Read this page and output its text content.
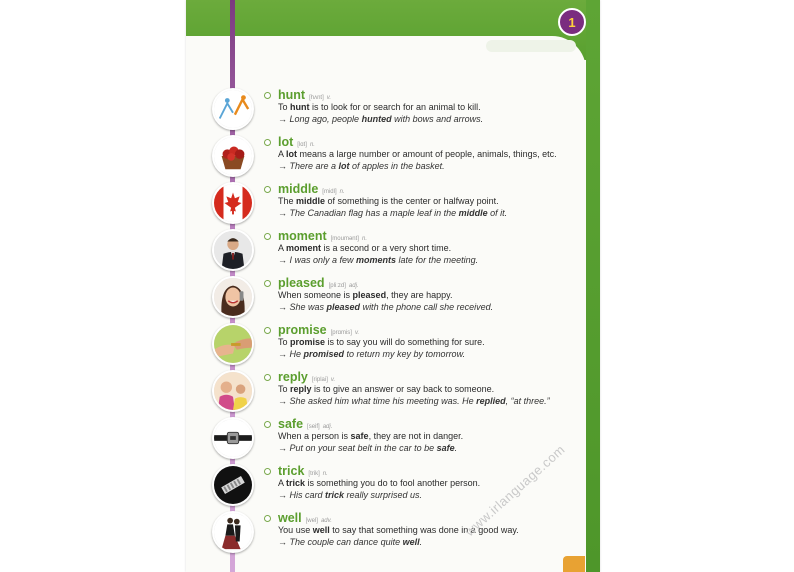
1
hunt [hʌnt] v.
To hunt is to look for or search for an animal to kill.
→ Long ago, people hunted with bows and arrows.
lot [lɑt] n.
A lot means a large number or amount of people, animals, things, etc.
→ There are a lot of apples in the basket.
middle [midl] n.
The middle of something is the center or halfway point.
→ The Canadian flag has a maple leaf in the middle of it.
moment [moumənt] n.
A moment is a second or a very short time.
→ I was only a few moments late for the meeting.
pleased [pliːzd] adj.
When someone is pleased, they are happy.
→ She was pleased with the phone call she received.
promise [prɑmis] v.
To promise is to say you will do something for sure.
→ He promised to return my key by tomorrow.
reply [riplai] v.
To reply is to give an answer or say back to someone.
→ She asked him what time his meeting was. He replied, “at three.”
safe [seif] adj.
When a person is safe, they are not in danger.
→ Put on your seat belt in the car to be safe.
trick [trik] n.
A trick is something you do to fool another person.
→ His card trick really surprised us.
well [wel] adv.
You use well to say that something was done in a good way.
→ The couple can dance quite well.
www.irlanguage.com
